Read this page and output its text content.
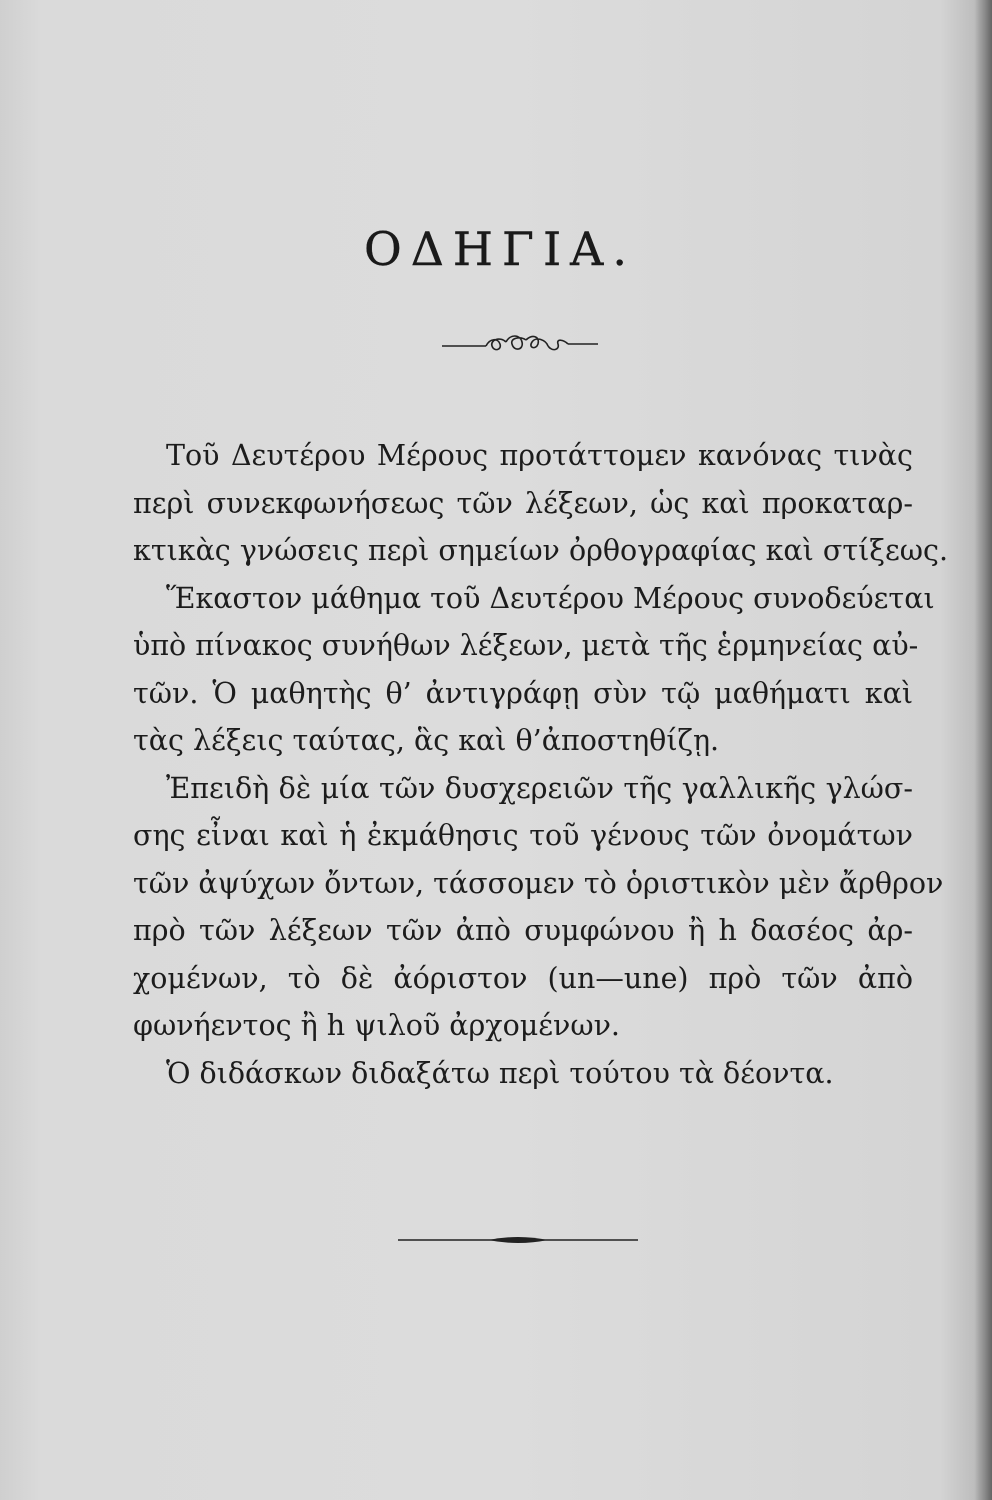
ΟΔΗΓΙΑ.
Τοῦ Δευτέρου Μέρους προτάττομεν κανόνας τινὰς
περὶ συνεκφωνήσεως τῶν λέξεων, ὡς καὶ προκαταρ-
κτικὰς γνώσεις περὶ σημείων ὀρθογραφίας καὶ στίξεως.
Ἕκαστον μάθημα τοῦ Δευτέρου Μέρους συνοδεύεται
ὑπὸ πίνακος συνήθων λέξεων, μετὰ τῆς ἑρμηνείας αὐ-
τῶν. Ὁ μαθητὴς θ’ ἀντιγράφῃ σὺν τῷ μαθήματι καὶ
τὰς λέξεις ταύτας, ἃς καὶ θ’ἀποστηθίζῃ.
Ἐπειδὴ δὲ μία τῶν δυσχερειῶν τῆς γαλλικῆς γλώσ-
σης εἶναι καὶ ἡ ἐκμάθησις τοῦ γένους τῶν ὀνομάτων
τῶν ἀψύχων ὄντων, τάσσομεν τὸ ὁριστικὸν μὲν ἄρθρον
πρὸ τῶν λέξεων τῶν ἀπὸ συμφώνου ἢ h δασέος ἀρ-
χομένων, τὸ δὲ ἀόριστον (un—une) πρὸ τῶν ἀπὸ
φωνήεντος ἢ h ψιλοῦ ἀρχομένων.
Ὁ διδάσκων διδαξάτω περὶ τούτου τὰ δέοντα.
